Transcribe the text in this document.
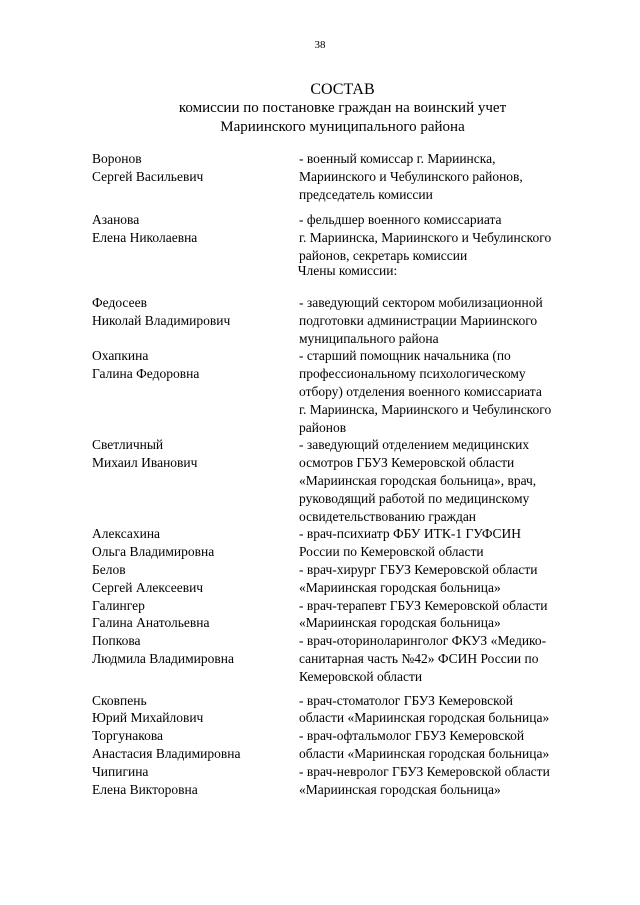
38
СОСТАВ
комиссии по постановке граждан на воинский учет
Мариинского муниципального района
Воронов
Сергей Васильевич
- военный комиссар г. Мариинска,
Мариинского и Чебулинского районов,
председатель комиссии
Азанова
Елена Николаевна
- фельдшер военного комиссариата
г. Мариинска, Мариинского и Чебулинского
районов, секретарь комиссии
Члены комиссии:
Федосеев
Николай Владимирович
- заведующий сектором мобилизационной
подготовки администрации Мариинского
муниципального района
Охапкина
Галина Федоровна
- старший помощник начальника (по
профессиональному психологическому
отбору) отделения военного комиссариата
г. Мариинска, Мариинского и Чебулинского
районов
Светличный
Михаил Иванович
- заведующий отделением медицинских
осмотров ГБУЗ Кемеровской области
«Мариинская городская больница», врач,
руководящий работой по медицинскому
освидетельствованию граждан
Алексахина
Ольга Владимировна
- врач-психиатр ФБУ ИТК-1 ГУФСИН
России по Кемеровской области
Белов
Сергей Алексеевич
- врач-хирург ГБУЗ Кемеровской области
«Мариинская городская больница»
Галингер
Галина Анатольевна
- врач-терапевт ГБУЗ Кемеровской области
«Мариинская городская больница»
Попкова
Людмила Владимировна
- врач-оториноларинголог ФКУЗ «Медико-
санитарная часть №42» ФСИН России по
Кемеровской области
Сковпень
Юрий Михайлович
- врач-стоматолог ГБУЗ Кемеровской
области «Мариинская городская больница»
Торгунакова
Анастасия Владимировна
- врач-офтальмолог ГБУЗ Кемеровской
области «Мариинская городская больница»
Чипигина
Елена Викторовна
- врач-невролог ГБУЗ Кемеровской области
«Мариинская городская больница»
